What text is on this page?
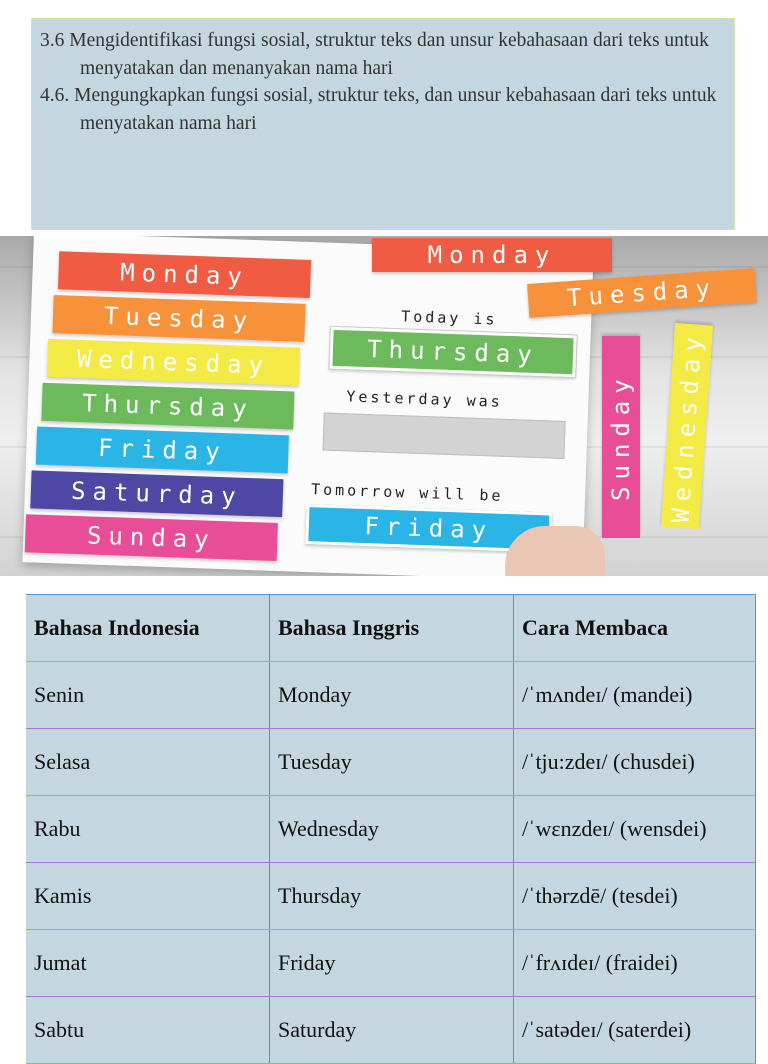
3.6 Mengidentifikasi fungsi sosial, struktur teks dan unsur kebahasaan dari teks untuk menyatakan dan menanyakan nama hari
4.6. Mengungkapkan fungsi sosial, struktur teks, dan unsur kebahasaan dari teks untuk menyatakan nama hari
Monday
Tuesday
Wednesday
Thursday
Friday
Saturday
Sunday
Today is
Thursday
Yesterday was
Tomorrow will be
Friday
Monday
Tuesday
Sunday Wednesday
Bahasa Indonesia	Bahasa Inggris	Cara Membaca
Senin	Monday	/ˈmʌndeɪ/ (mandei)
Selasa	Tuesday	/ˈtju:zdeɪ/ (chusdei)
Rabu	Wednesday	/ˈwɛnzdeɪ/ (wensdei)
Kamis	Thursday	/ˈthərzdē/ (tesdei)
Jumat	Friday	/ˈfrʌɪdeɪ/ (fraidei)
Sabtu	Saturday	/ˈsatədeɪ/ (saterdei)
